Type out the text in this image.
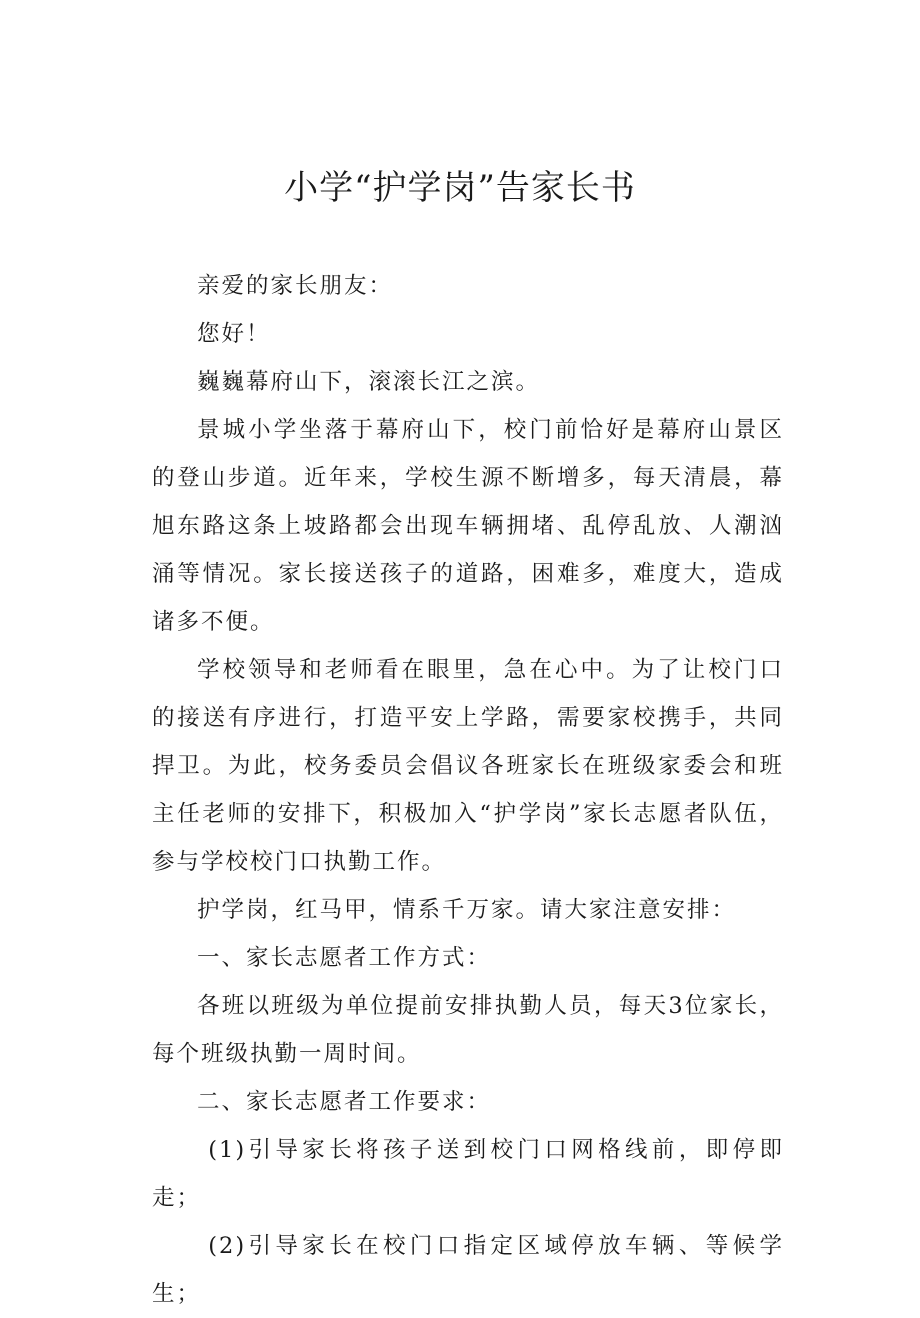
小学“护学岗”告家长书

亲爱的家长朋友：

您好！

巍巍幕府山下，滚滚长江之滨。

景城小学坐落于幕府山下，校门前恰好是幕府山景区的登山步道。近年来，学校生源不断增多，每天清晨，幕旭东路这条上坡路都会出现车辆拥堵、乱停乱放、人潮汹涌等情况。家长接送孩子的道路，困难多，难度大，造成诸多不便。

学校领导和老师看在眼里，急在心中。为了让校门口的接送有序进行，打造平安上学路，需要家校携手，共同捍卫。为此，校务委员会倡议各班家长在班级家委会和班主任老师的安排下，积极加入“护学岗”家长志愿者队伍，参与学校校门口执勤工作。

护学岗，红马甲，情系千万家。请大家注意安排：

一、家长志愿者工作方式：

各班以班级为单位提前安排执勤人员，每天3位家长，每个班级执勤一周时间。

二、家长志愿者工作要求：

(1)引导家长将孩子送到校门口网格线前，即停即走；

(2)引导家长在校门口指定区域停放车辆、等候学生；
